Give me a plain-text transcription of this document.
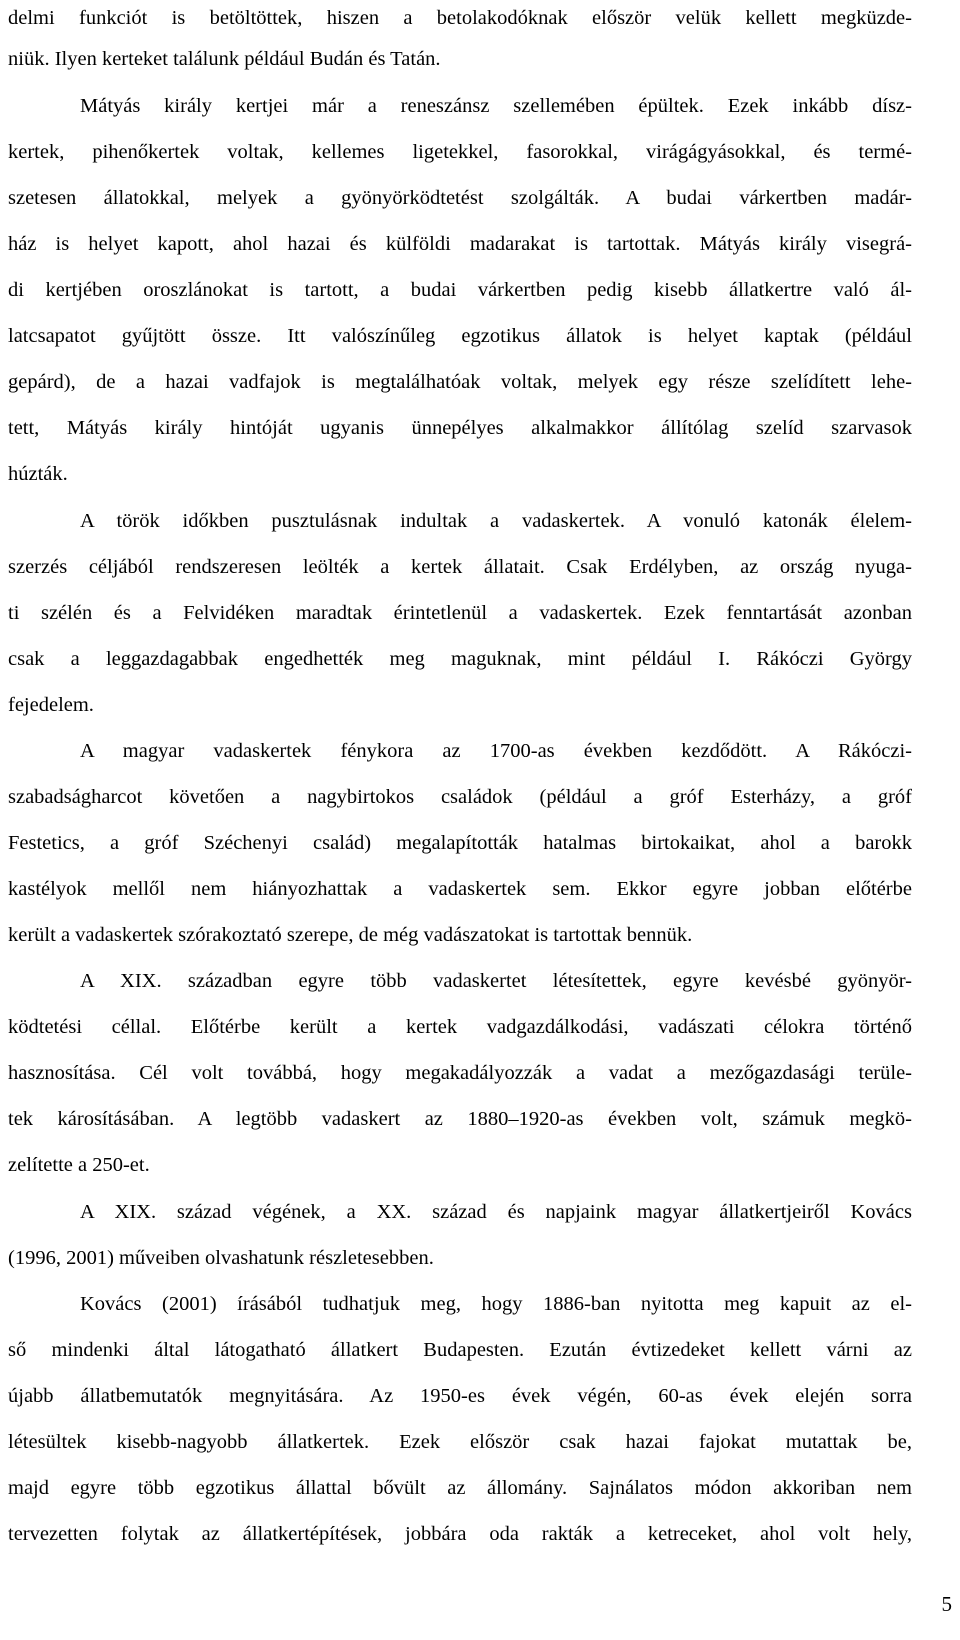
delmi funkciót is betöltöttek, hiszen a betolakodóknak először velük kellett megküzde-
niük. Ilyen kerteket találunk például Budán és Tatán.
Mátyás király kertjei már a reneszánsz szellemében épültek. Ezek inkább dísz-
kertek, pihenőkertek voltak, kellemes ligetekkel, fasorokkal, virágágyásokkal, és termé-
szetesen állatokkal, melyek a gyönyörködtetést szolgálták. A budai várkertben madár-
ház is helyet kapott, ahol hazai és külföldi madarakat is tartottak. Mátyás király visegrá-
di kertjében oroszlánokat is tartott, a budai várkertben pedig kisebb állatkertre való ál-
latcsapatot gyűjtött össze. Itt valószínűleg egzotikus állatok is helyet kaptak (például
gepárd), de a hazai vadfajok is megtalálhatóak voltak, melyek egy része szelídített lehe-
tett, Mátyás király hintóját ugyanis ünnepélyes alkalmakkor állítólag szelíd szarvasok
húzták.
A török időkben pusztulásnak indultak a vadaskertek. A vonuló katonák élelem-
szerzés céljából rendszeresen leölték a kertek állatait. Csak Erdélyben, az ország nyuga-
ti szélén és a Felvidéken maradtak érintetlenül a vadaskertek. Ezek fenntartását azonban
csak a leggazdagabbak engedhették meg maguknak, mint például I. Rákóczi György
fejedelem.
A magyar vadaskertek fénykora az 1700-as években kezdődött. A Rákóczi-
szabadságharcot követően a nagybirtokos családok (például a gróf Esterházy, a gróf
Festetics, a gróf Széchenyi család) megalapították hatalmas birtokaikat, ahol a barokk
kastélyok mellől nem hiányozhattak a vadaskertek sem. Ekkor egyre jobban előtérbe
került a vadaskertek szórakoztató szerepe, de még vadászatokat is tartottak bennük.
A XIX. században egyre több vadaskertet létesítettek, egyre kevésbé gyönyör-
ködtetési céllal. Előtérbe került a kertek vadgazdálkodási, vadászati célokra történő
hasznosítása. Cél volt továbbá, hogy megakadályozzák a vadat a mezőgazdasági terüle-
tek károsításában. A legtöbb vadaskert az 1880–1920-as években volt, számuk megkö-
zelítette a 250-et.
A XIX. század végének, a XX. század és napjaink magyar állatkertjeiről Kovács
(1996, 2001) műveiben olvashatunk részletesebben.
Kovács (2001) írásából tudhatjuk meg, hogy 1886-ban nyitotta meg kapuit az el-
ső mindenki által látogatható állatkert Budapesten. Ezután évtizedeket kellett várni az
újabb állatbemutatók megnyitására. Az 1950-es évek végén, 60-as évek elején sorra
létesültek kisebb-nagyobb állatkertek. Ezek először csak hazai fajokat mutattak be,
majd egyre több egzotikus állattal bővült az állomány. Sajnálatos módon akkoriban nem
tervezetten folytak az állatkertépítések, jobbára oda rakták a ketreceket, ahol volt hely,
5
